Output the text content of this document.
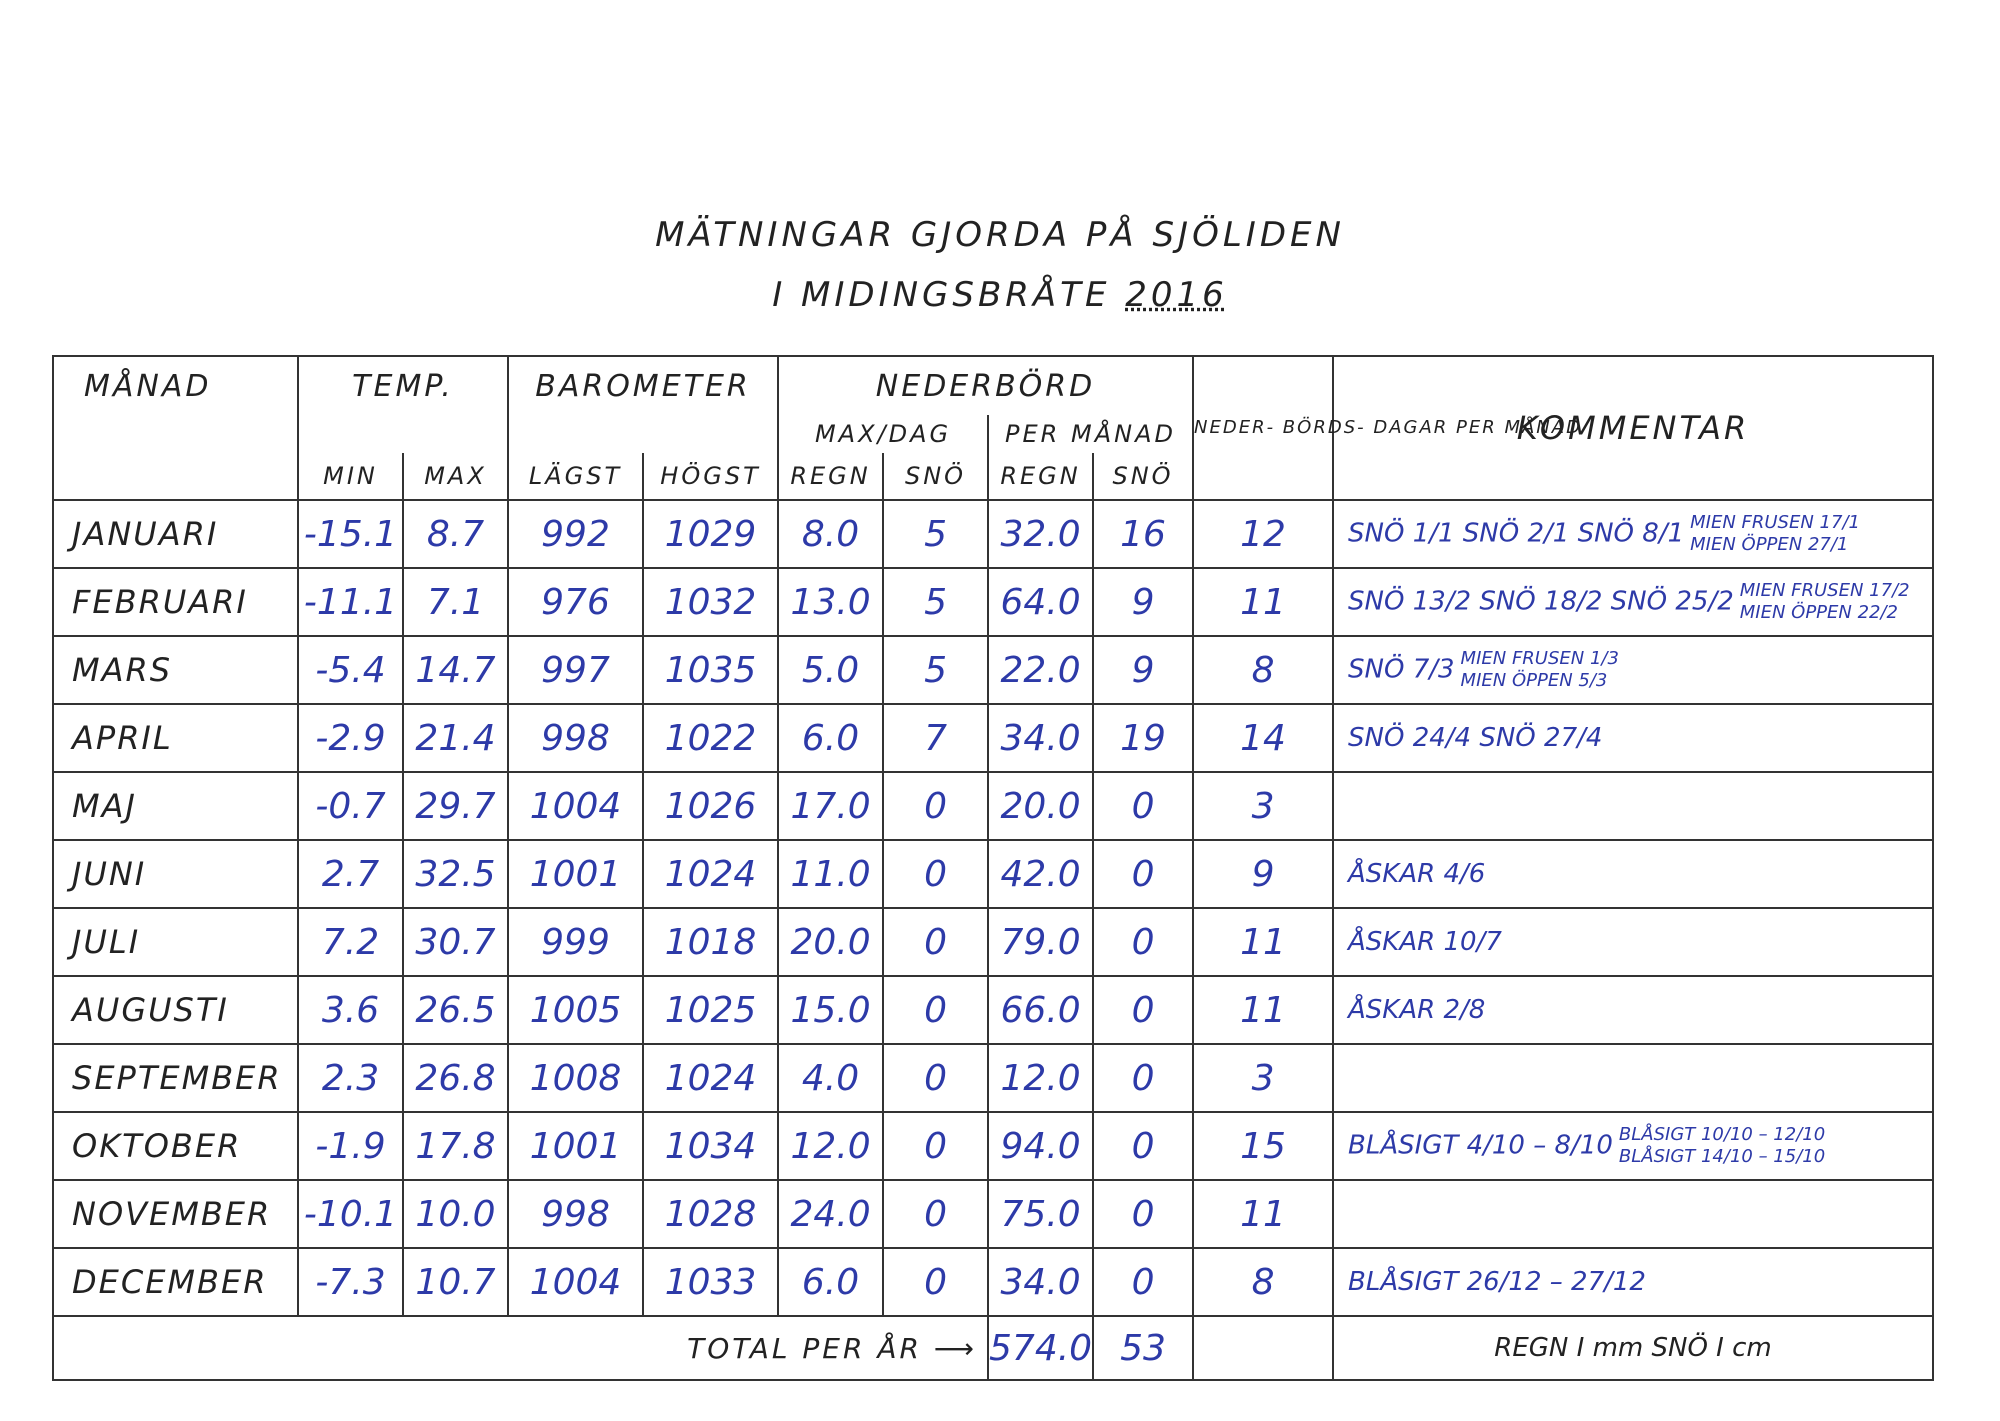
MÄTNINGAR GJORDA PÅ SJÖLIDEN
I MIDINGSBRÅTE 2016
MÅNAD	TEMP.		BAROMETER		NEDERBÖRD				NEDER- BÖRDS- DAGAR PER MÅNAD	KOMMENTAR
					MAX/DAG		PER MÅNAD			
	MIN	MAX	LÄGST	HÖGST	REGN	SNÖ	REGN	SNÖ		
JANUARI	-15.1	8.7	992	1029	8.0	5	32.0	16	12	SNÖ 1/1 SNÖ 2/1 SNÖ 8/1 MIEN FRUSEN 17/1
MIEN ÖPPEN 27/1

FEBRUARI	-11.1	7.1	976	1032	13.0	5	64.0	9	11	SNÖ 13/2 SNÖ 18/2 SNÖ 25/2 MIEN FRUSEN 17/2
MIEN ÖPPEN 22/2

MARS	-5.4	14.7	997	1035	5.0	5	22.0	9	8	SNÖ 7/3 MIEN FRUSEN 1/3
MIEN ÖPPEN 5/3

APRIL	-2.9	21.4	998	1022	6.0	7	34.0	19	14	SNÖ 24/4 SNÖ 27/4
MAJ	-0.7	29.7	1004	1026	17.0	0	20.0	0	3	
JUNI	2.7	32.5	1001	1024	11.0	0	42.0	0	9	ÅSKAR 4/6
JULI	7.2	30.7	999	1018	20.0	0	79.0	0	11	ÅSKAR 10/7
AUGUSTI	3.6	26.5	1005	1025	15.0	0	66.0	0	11	ÅSKAR 2/8
SEPTEMBER	2.3	26.8	1008	1024	4.0	0	12.0	0	3	
OKTOBER	-1.9	17.8	1001	1034	12.0	0	94.0	0	15	BLÅSIGT 4/10 – 8/10 BLÅSIGT 10/10 – 12/10
BLÅSIGT 14/10 – 15/10

NOVEMBER	-10.1	10.0	998	1028	24.0	0	75.0	0	11	
DECEMBER	-7.3	10.7	1004	1033	6.0	0	34.0	0	8	BLÅSIGT 26/12 – 27/12
TOTAL PER ÅR ⟶							574.0	53		REGN I mm SNÖ I cm
